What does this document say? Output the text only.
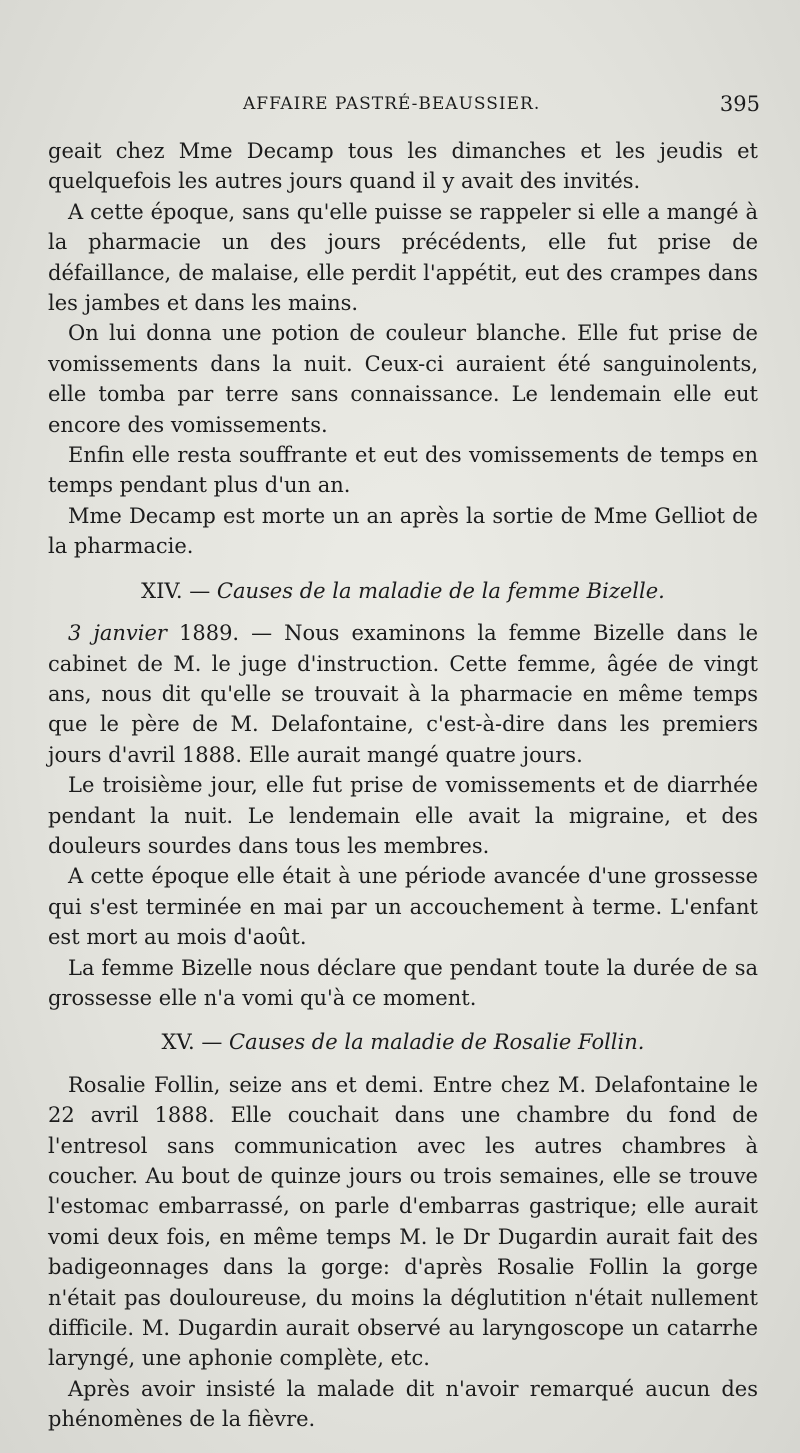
AFFAIRE PASTRÉ-BEAUSSIER.	395

geait chez Mme Decamp tous les dimanches et les jeudis et quelquefois les autres jours quand il y avait des invités.

A cette époque, sans qu'elle puisse se rappeler si elle a mangé à la pharmacie un des jours précédents, elle fut prise de défaillance, de malaise, elle perdit l'appétit, eut des crampes dans les jambes et dans les mains.

On lui donna une potion de couleur blanche. Elle fut prise de vomissements dans la nuit. Ceux-ci auraient été sanguinolents, elle tomba par terre sans connaissance. Le lendemain elle eut encore des vomissements.

Enfin elle resta souffrante et eut des vomissements de temps en temps pendant plus d'un an.

Mme Decamp est morte un an après la sortie de Mme Gelliot de la pharmacie.

XIV. — Causes de la maladie de la femme Bizelle.

3 janvier 1889. — Nous examinons la femme Bizelle dans le cabinet de M. le juge d'instruction. Cette femme, âgée de vingt ans, nous dit qu'elle se trouvait à la pharmacie en même temps que le père de M. Delafontaine, c'est-à-dire dans les premiers jours d'avril 1888. Elle aurait mangé quatre jours.

Le troisième jour, elle fut prise de vomissements et de diarrhée pendant la nuit. Le lendemain elle avait la migraine, et des douleurs sourdes dans tous les membres.

A cette époque elle était à une période avancée d'une grossesse qui s'est terminée en mai par un accouchement à terme. L'enfant est mort au mois d'août.

La femme Bizelle nous déclare que pendant toute la durée de sa grossesse elle n'a vomi qu'à ce moment.

XV. — Causes de la maladie de Rosalie Follin.

Rosalie Follin, seize ans et demi. Entre chez M. Delafontaine le 22 avril 1888. Elle couchait dans une chambre du fond de l'entresol sans communication avec les autres chambres à coucher. Au bout de quinze jours ou trois semaines, elle se trouve l'estomac embarrassé, on parle d'embarras gastrique; elle aurait vomi deux fois, en même temps M. le Dr Dugardin aurait fait des badigeonnages dans la gorge: d'après Rosalie Follin la gorge n'était pas douloureuse, du moins la déglutition n'était nullement difficile. M. Dugardin aurait observé au laryngoscope un catarrhe laryngé, une aphonie complète, etc.

Après avoir insisté la malade dit n'avoir remarqué aucun des phénomènes de la fièvre.
